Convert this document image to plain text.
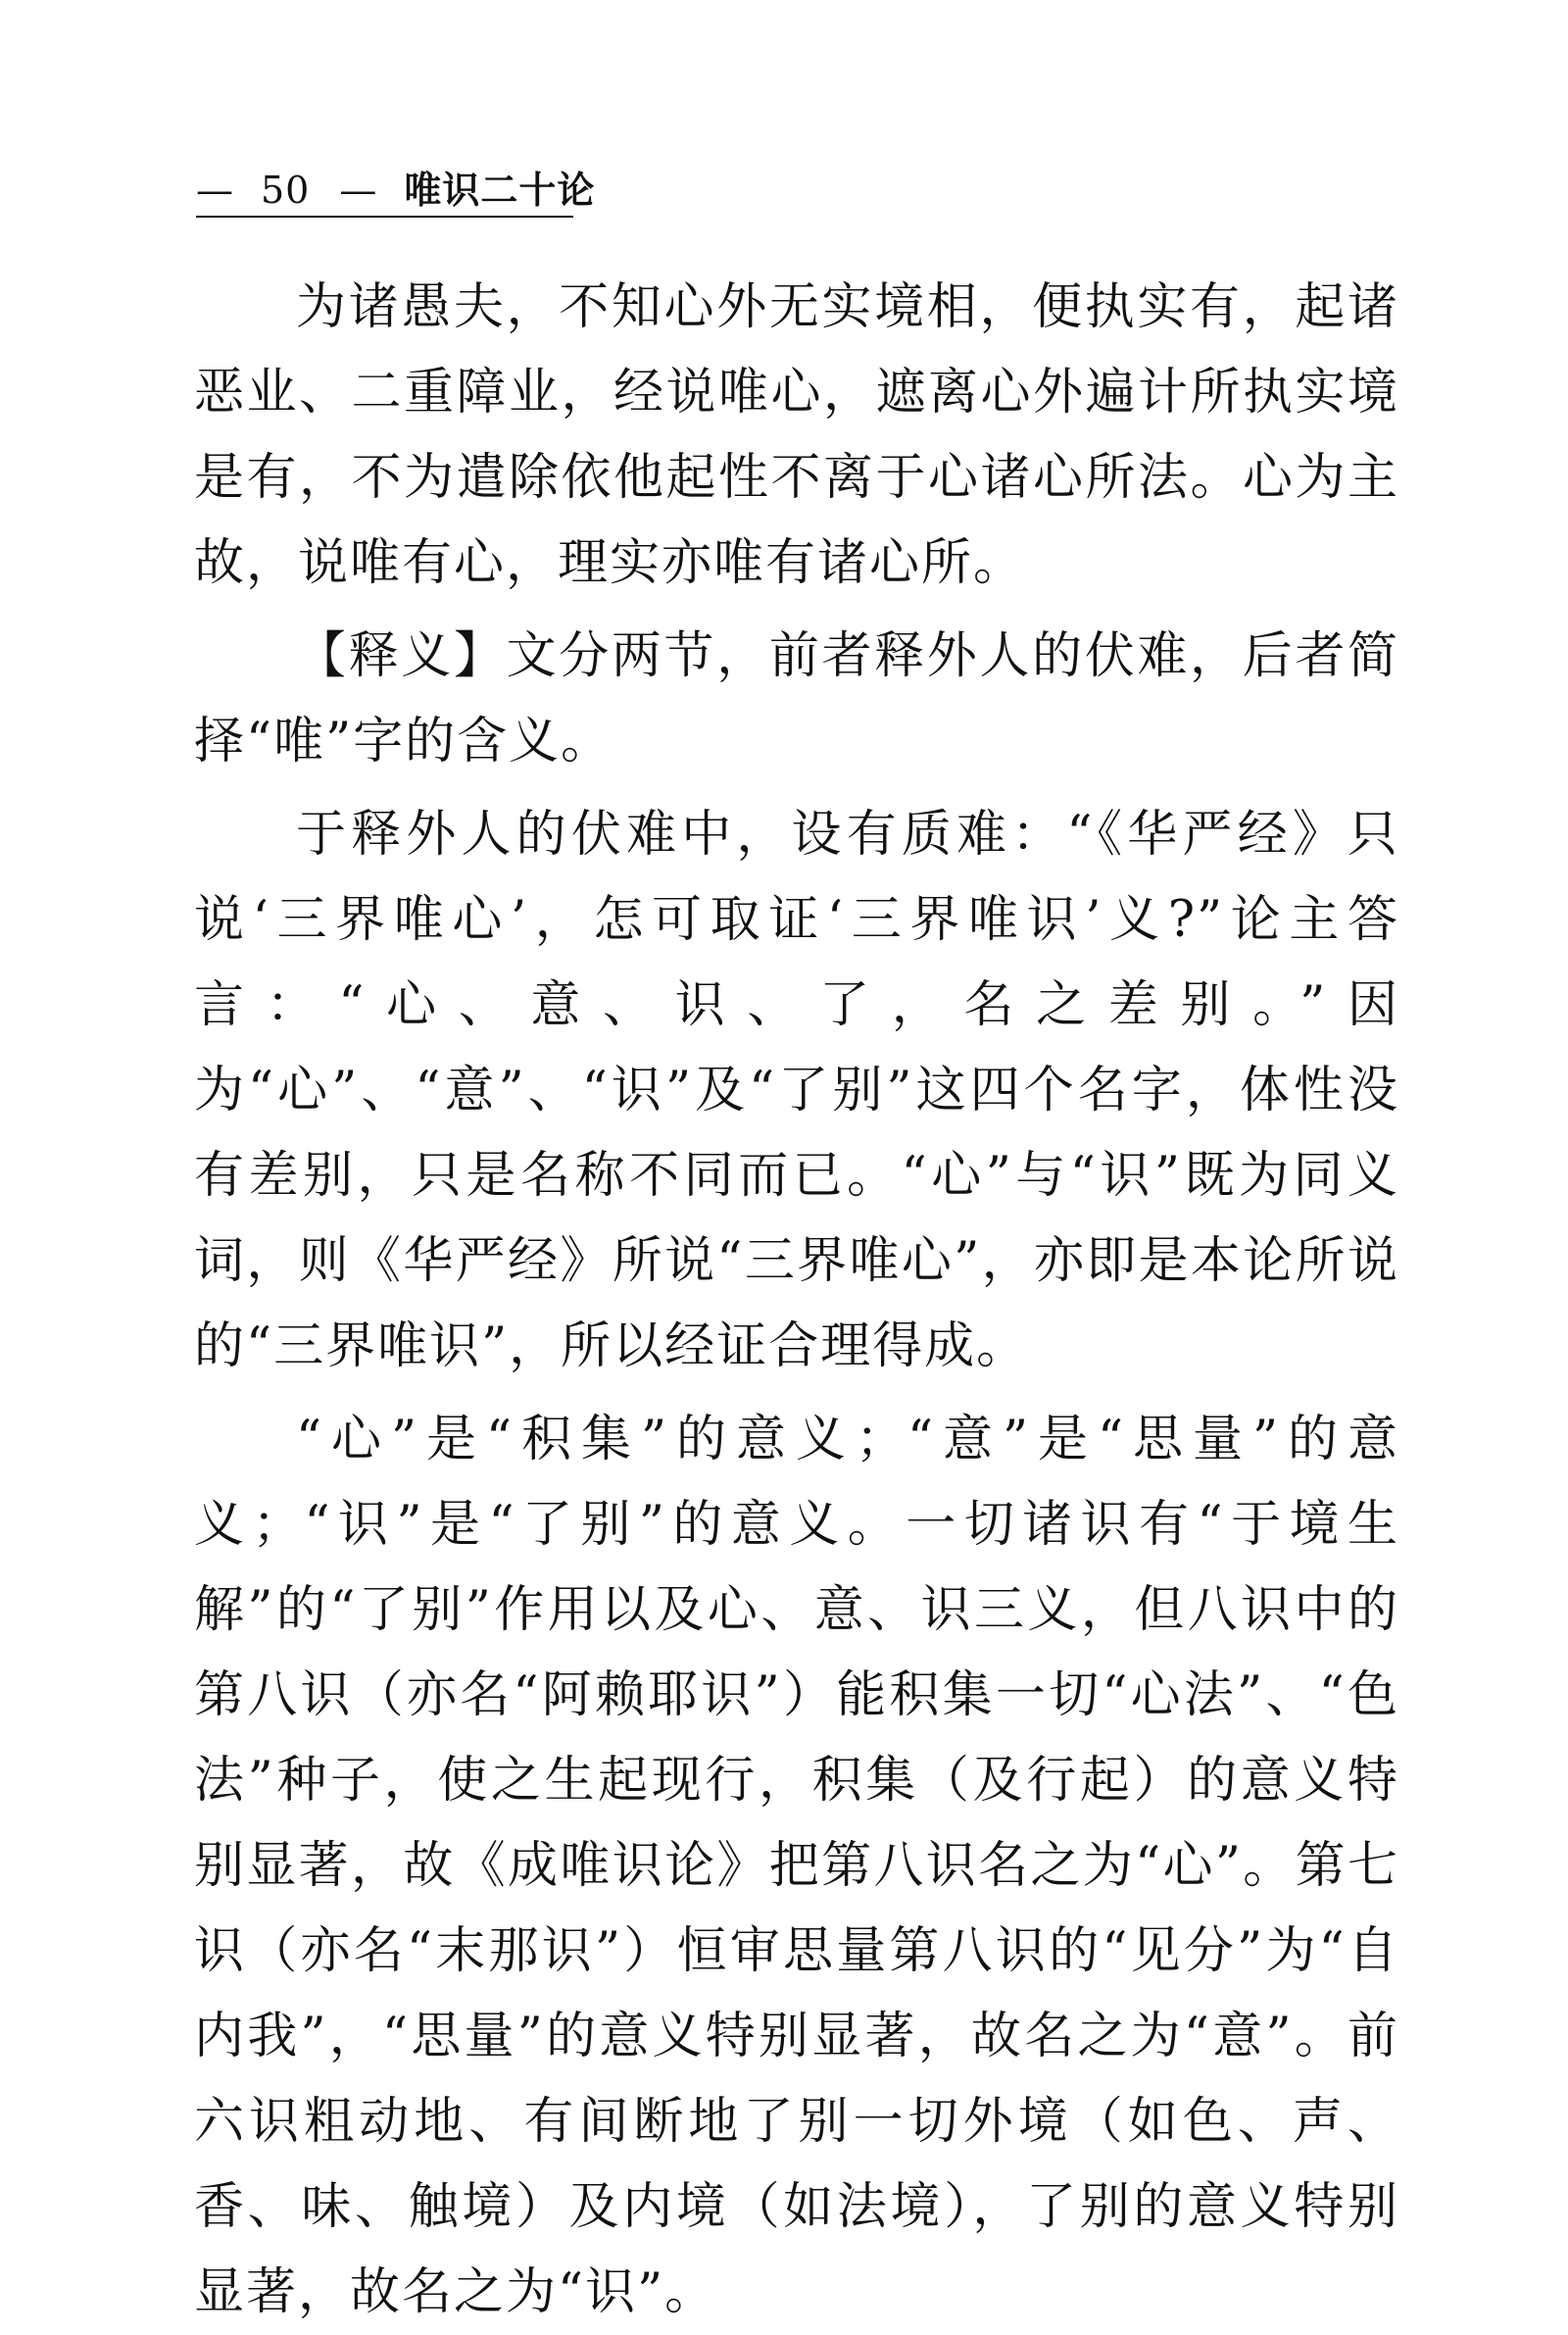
— 50 — 唯识二十论

为诸愚夫，不知心外无实境相，便执实有，起诸恶业、二重障业，经说唯心，遮离心外遍计所执实境是有，不为遣除依他起性不离于心诸心所法。心为主故，说唯有心，理实亦唯有诸心所。

【释义】文分两节，前者释外人的伏难，后者简择“唯”字的含义。

于释外人的伏难中，设有质难：“《华严经》只说‘三界唯心’，怎可取证‘三界唯识’义?”论主答言：“心、意、识、了，名之差别。”因为“心”、“意”、“识”及“了别”这四个名字，体性没有差别，只是名称不同而已。“心”与“识”既为同义词，则《华严经》所说“三界唯心”，亦即是本论所说的“三界唯识”，所以经证合理得成。

“心”是“积集”的意义；“意”是“思量”的意义；“识”是“了别”的意义。一切诸识有“于境生解”的“了别”作用以及心、意、识三义，但八识中的第八识（亦名“阿赖耶识”）能积集一切“心法”、“色法”种子，使之生起现行，积集（及行起）的意义特别显著，故《成唯识论》把第八识名之为“心”。第七识（亦名“末那识”）恒审思量第八识的“见分”为“自内我”，“思量”的意义特别显著，故名之为“意”。前六识粗动地、有间断地了别一切外境（如色、声、香、味、触境）及内境（如法境），了别的意义特别显著，故名之为“识”。
